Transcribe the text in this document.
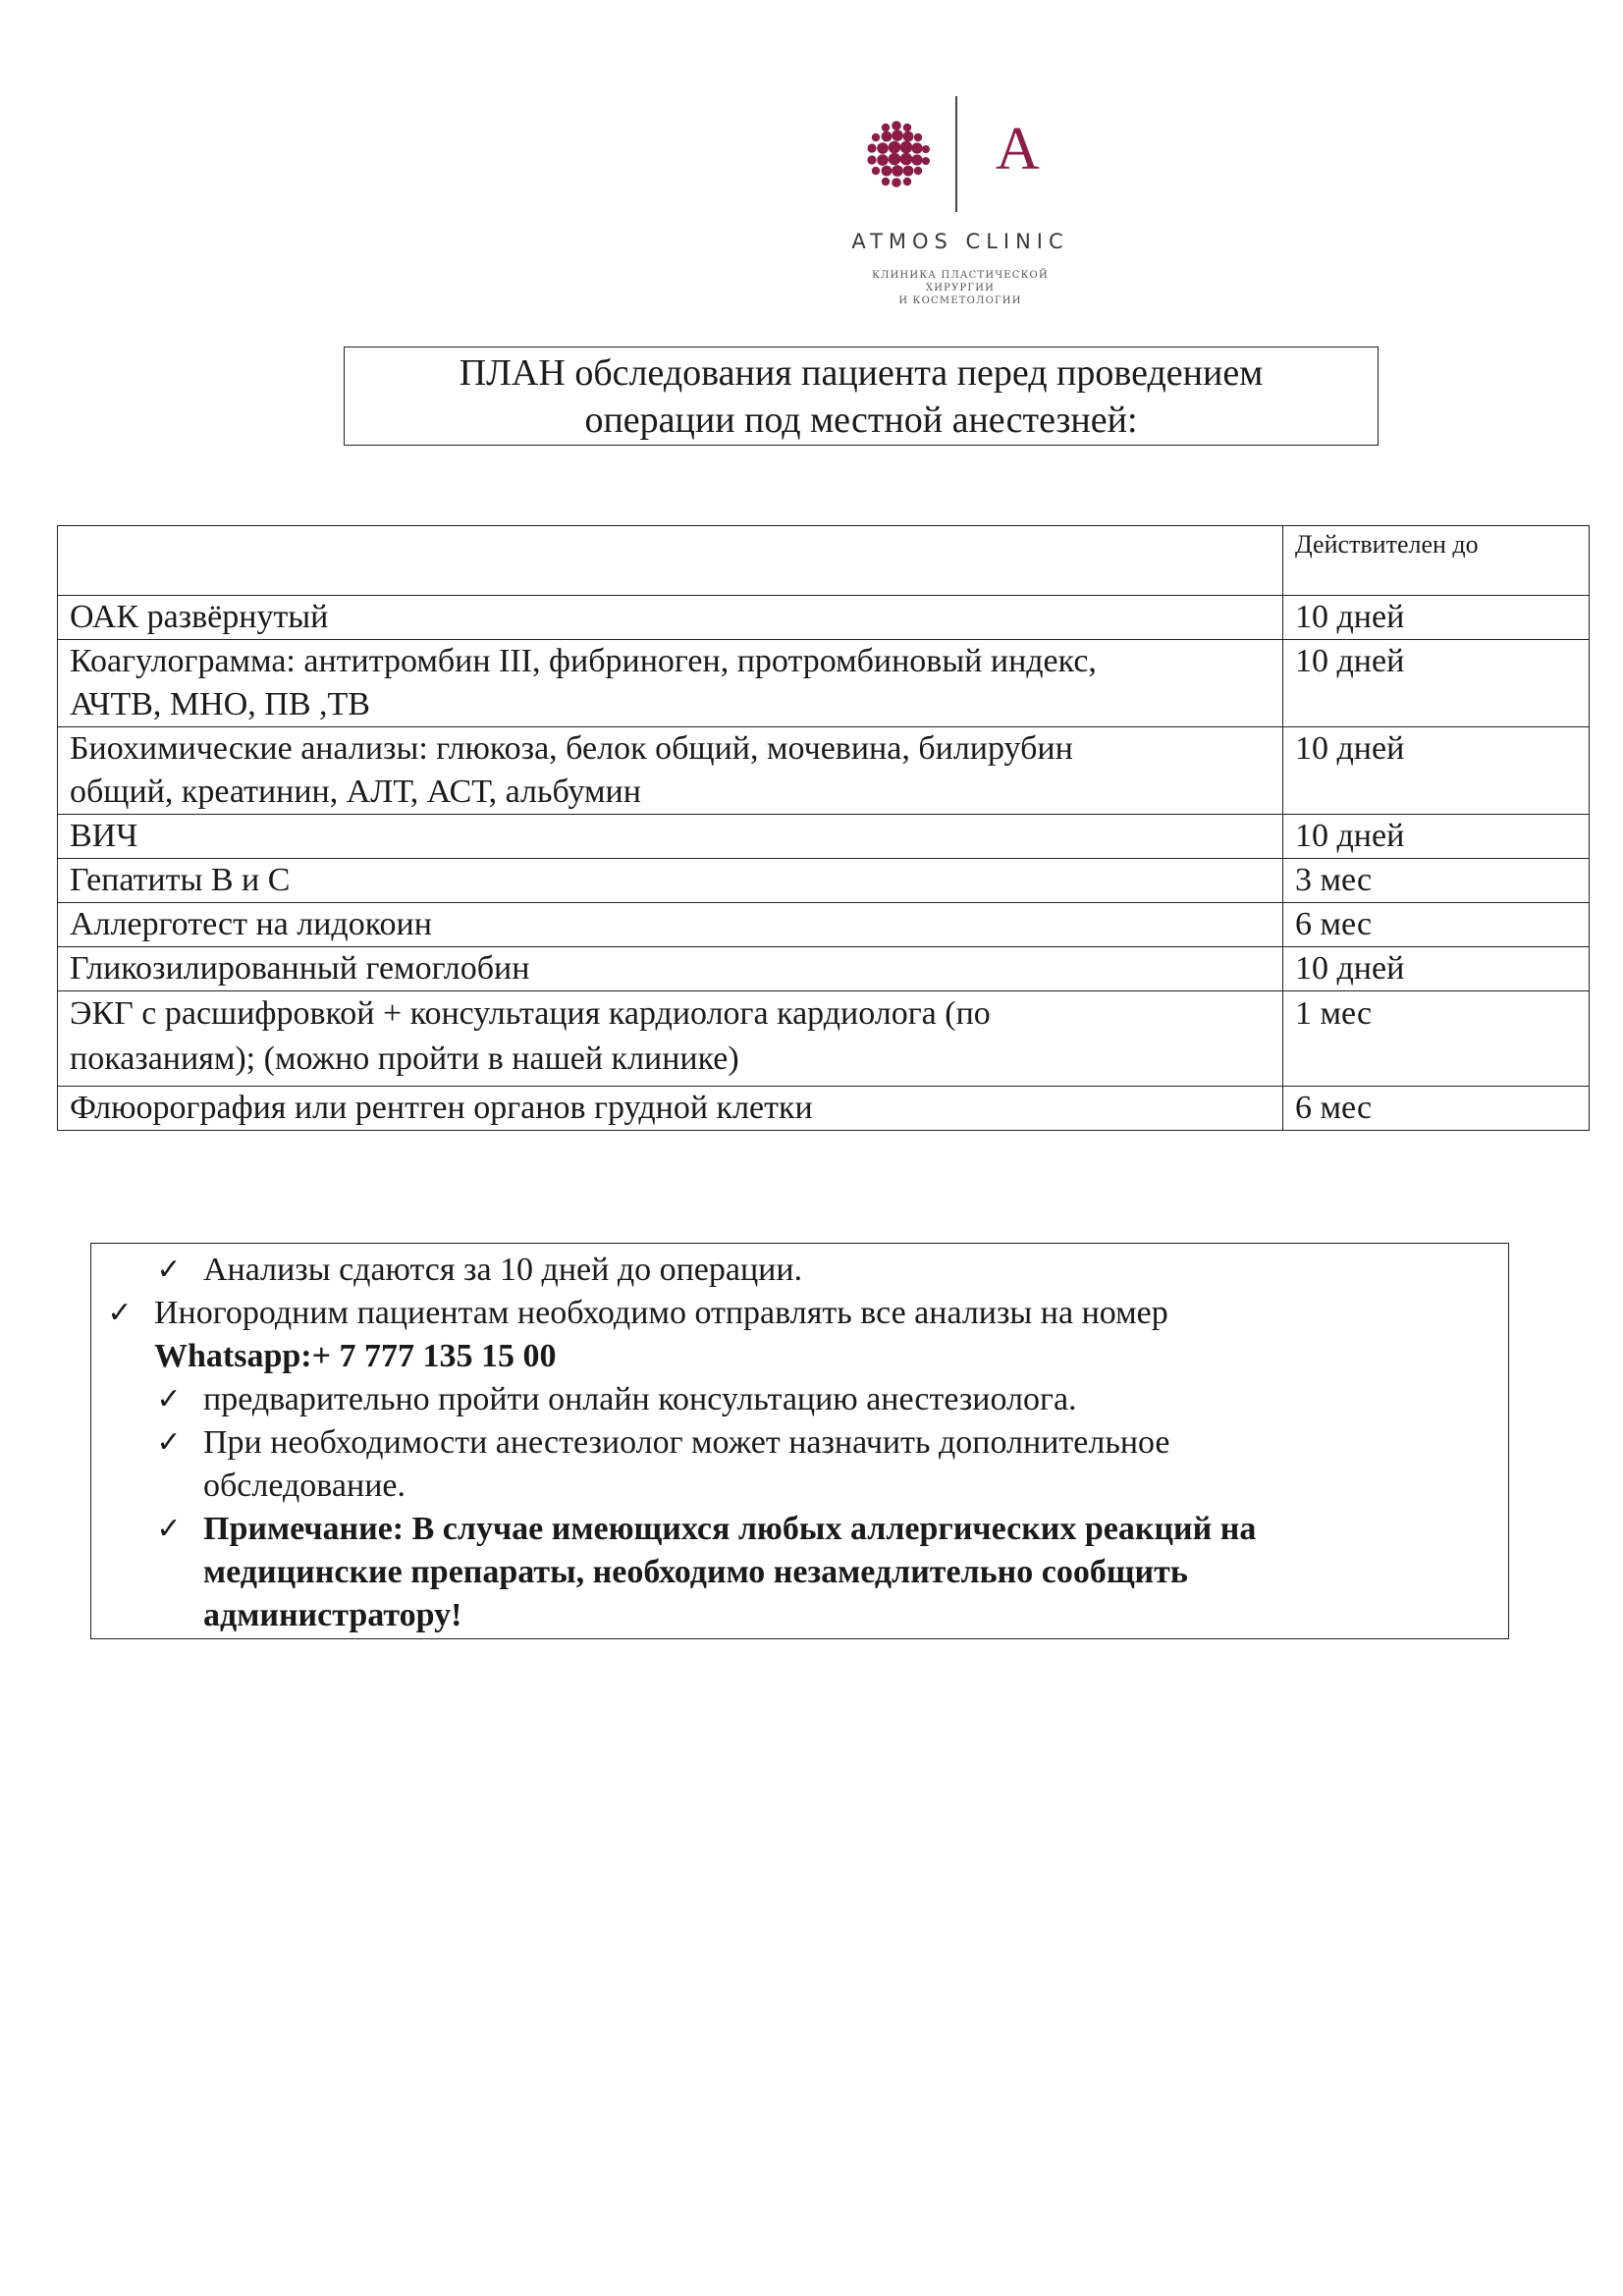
A
ATMOS CLINIC
КЛИНИКА ПЛАСТИЧЕСКОЙ ХИРУРГИИ
И КОСМЕТОЛОГИИ
ПЛАН обследования пациента перед проведением
операции под местной анестезней:
	Действителен до
ОАК развёрнутый	10 дней

Коагулограмма: антитромбин III, фибриноген, протромбиновый индекс,
АЧТВ, МНО, ПВ ,ТВ	10 дней

Биохимические анализы: глюкоза, белок общий, мочевина, билирубин
общий, креатинин, АЛТ, АСТ, альбумин	10 дней
ВИЧ	10 дней
Гепатиты В и С	3 мес
Аллерготест на лидокоин	6 мес
Гликозилированный гемоглобин	10 дней

ЭКГ с расшифровкой + консультация кардиолога кардиолога (по
показаниям); (можно пройти в нашей клинике)	1 мес
Флюорография или рентген органов грудной клетки	6 мес
✓ Анализы сдаются за 10 дней до операции.
✓ Иногородним пациентам необходимо отправлять все анализы на номер
Whatsapp:+ 7 777 135 15 00
✓ предварительно пройти онлайн консультацию анестезиолога.
✓ При необходимости анестезиолог может назначить дополнительное
обследование.
✓ Примечание: В случае имеющихся любых аллергических реакций на
медицинские препараты, необходимо незамедлительно сообщить
администратору!
